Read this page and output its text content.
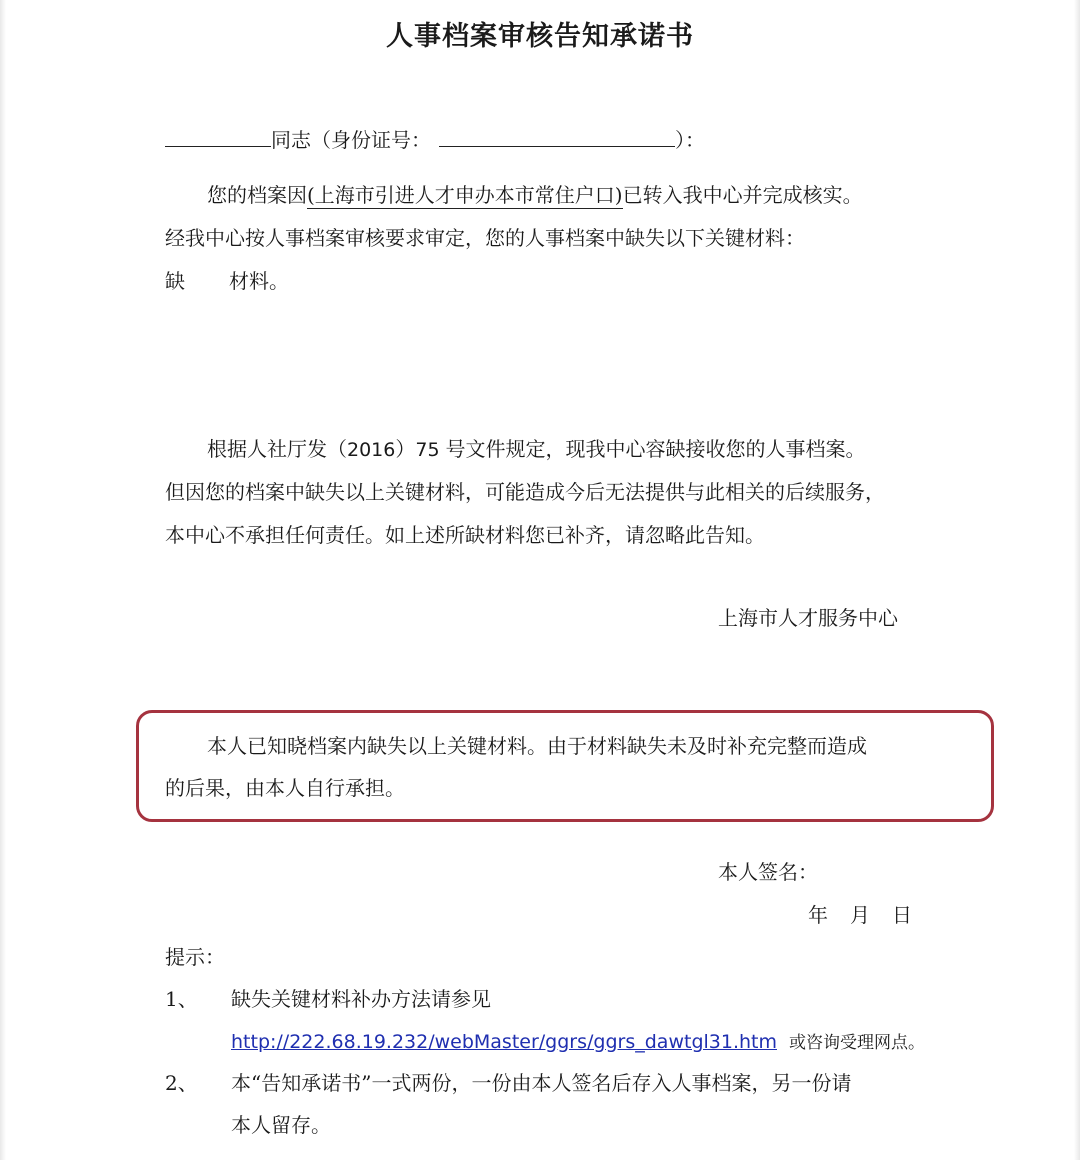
人事档案审核告知承诺书
同志（身份证号：	）：
您的档案因(上海市引进人才申办本市常住户口)已转入我中心并完成核实。
经我中心按人事档案审核要求审定，您的人事档案中缺失以下关键材料：
缺 材料。
根据人社厅发（2016）75 号文件规定，现我中心容缺接收您的人事档案。
但因您的档案中缺失以上关键材料，可能造成今后无法提供与此相关的后续服务，
本中心不承担任何责任。如上述所缺材料您已补齐，请忽略此告知。
上海市人才服务中心
本人已知晓档案内缺失以上关键材料。由于材料缺失未及时补充完整而造成
的后果，由本人自行承担。
本人签名：
年 月 日
提示：
1、 缺失关键材料补办方法请参见
http://222.68.19.232/webMaster/ggrs/ggrs_dawtgl31.htm 或咨询受理网点。
2、 本“告知承诺书”一式两份，一份由本人签名后存入人事档案，另一份请
本人留存。
